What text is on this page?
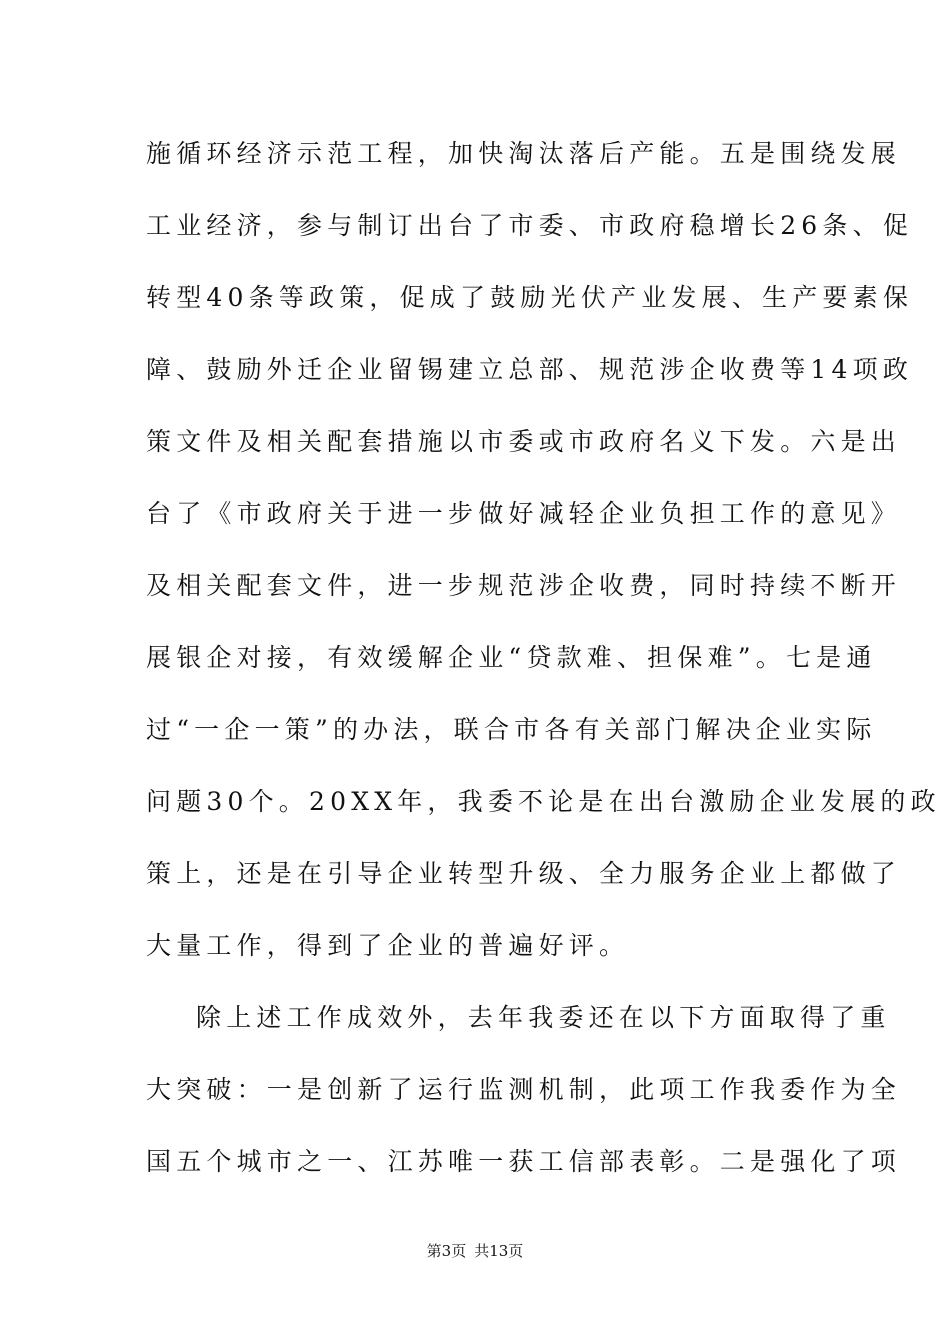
施循环经济示范工程，加快淘汰落后产能。五是围绕发展
工业经济，参与制订出台了市委、市政府稳增长26条、促
转型40条等政策，促成了鼓励光伏产业发展、生产要素保
障、鼓励外迁企业留锡建立总部、规范涉企收费等14项政
策文件及相关配套措施以市委或市政府名义下发。六是出
台了《市政府关于进一步做好减轻企业负担工作的意见》
及相关配套文件，进一步规范涉企收费，同时持续不断开
展银企对接，有效缓解企业“贷款难、担保难”。七是通
过“一企一策”的办法，联合市各有关部门解决企业实际
问题30个。20XX年，我委不论是在出台激励企业发展的政
策上，还是在引导企业转型升级、全力服务企业上都做了
大量工作，得到了企业的普遍好评。
除上述工作成效外，去年我委还在以下方面取得了重
大突破：一是创新了运行监测机制，此项工作我委作为全
国五个城市之一、江苏唯一获工信部表彰。二是强化了项
第3页 共13页
